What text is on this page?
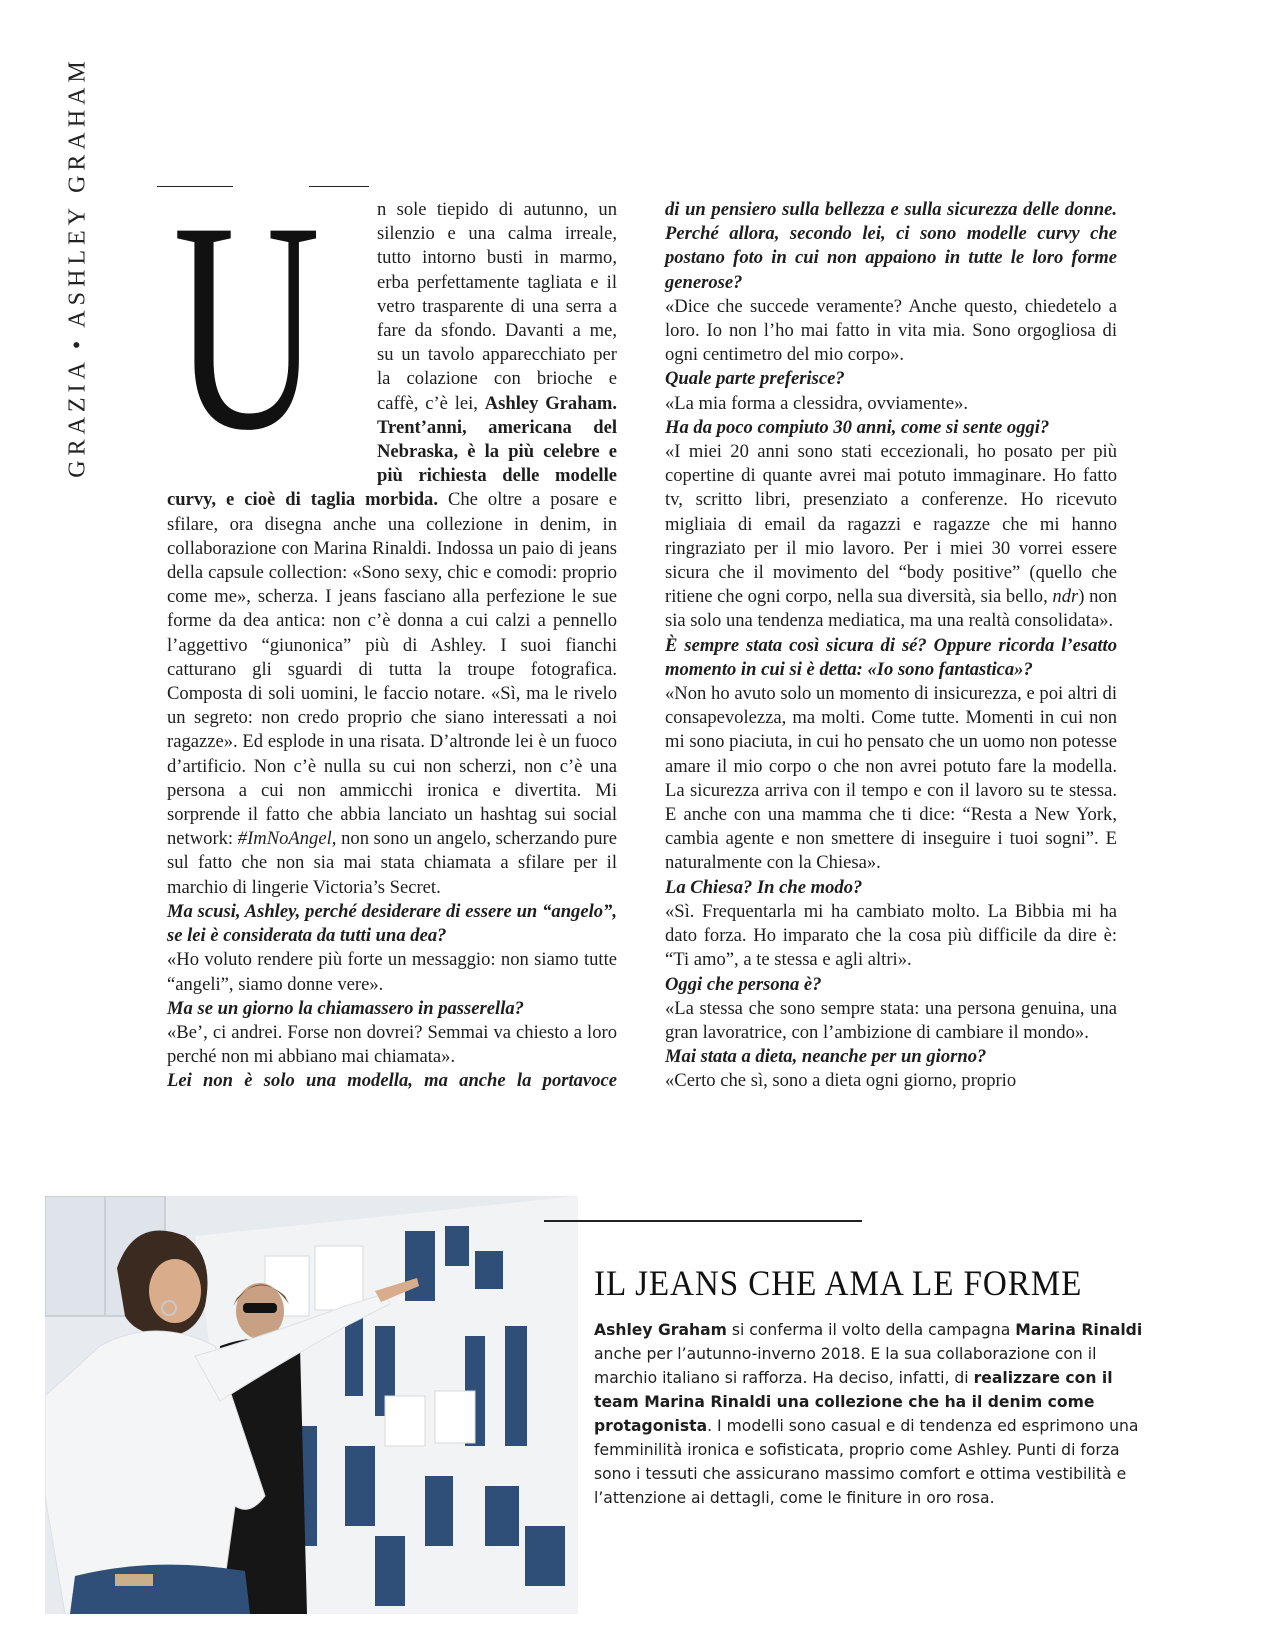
GRAZIA•ASHLEY GRAHAM U	n sole tiepido di autunno, un silenzio e una calma irreale, tutto intorno busti in marmo, erba perfettamente tagliata e il vetro trasparente di una serra a fare da sfondo. Davanti a me, su un tavolo apparecchiato per la colazione con brioche e caffè, c’è lei, Ashley Graham. Trent’anni, americana del Nebraska, è la più celebre e più richiesta delle modelle curvy, e cioè di taglia morbida. Che oltre a posare e sfilare, ora disegna anche una collezione in denim, in collaborazione con Marina Rinaldi. Indossa un paio di jeans della capsule collection: «Sono sexy, chic e comodi: proprio come me», scherza. I jeans fasciano alla perfezione le sue forme da dea antica: non c’è donna a cui calzi a pennello l’aggettivo “giunonica” più di Ashley. I suoi fianchi catturano gli sguardi di tutta la troupe fotografica. Composta di soli uomini, le faccio notare. «Sì, ma le rivelo un segreto: non credo proprio che siano interessati a noi ragazze». Ed esplode in una risata. D’altronde lei è un fuoco d’artificio. Non c’è nulla su cui non scherzi, non c’è una persona a cui non ammicchi ironica e divertita. Mi sorprende il fatto che abbia lanciato un hashtag sui social network: #ImNoAngel, non sono un angelo, scherzando pure sul fatto che non sia mai stata chiamata a sfilare per il marchio di lingerie Victoria’s Secret.

Ma scusi, Ashley, perché desiderare di essere un “angelo”, se lei è considerata da tutti una dea?

«Ho voluto rendere più forte un messaggio: non siamo tutte “angeli”, siamo donne vere».

Ma se un giorno la chiamassero in passerella?

«Be’, ci andrei. Forse non dovrei? Semmai va chiesto a loro perché non mi abbiano mai chiamata».

Lei non è solo una modella, ma anche la portavoce

di un pensiero sulla bellezza e sulla sicurezza delle donne. Perché allora, secondo lei, ci sono modelle curvy che postano foto in cui non appaiono in tutte le loro forme generose?

«Dice che succede veramente? Anche questo, chiedetelo a loro. Io non l’ho mai fatto in vita mia. Sono orgogliosa di ogni centimetro del mio corpo».

Quale parte preferisce?

«La mia forma a clessidra, ovviamente».

Ha da poco compiuto 30 anni, come si sente oggi?

«I miei 20 anni sono stati eccezionali, ho posato per più copertine di quante avrei mai potuto immaginare. Ho fatto tv, scritto libri, presenziato a conferenze. Ho ricevuto migliaia di email da ragazzi e ragazze che mi hanno ringraziato per il mio lavoro. Per i miei 30 vorrei essere sicura che il movimento del “body positive” (quello che ritiene che ogni corpo, nella sua diversità, sia bello, ndr) non sia solo una tendenza mediatica, ma una realtà consolidata».

È sempre stata così sicura di sé? Oppure ricorda l’esatto momento in cui si è detta: «Io sono fantastica»?

«Non ho avuto solo un momento di insicurezza, e poi altri di consapevolezza, ma molti. Come tutte. Momenti in cui non mi sono piaciuta, in cui ho pensato che un uomo non potesse amare il mio corpo o che non avrei potuto fare la modella. La sicurezza arriva con il tempo e con il lavoro su te stessa. E anche con una mamma che ti dice: “Resta a New York, cambia agente e non smettere di inseguire i tuoi sogni”. E naturalmente con la Chiesa».

La Chiesa? In che modo?

«Sì. Frequentarla mi ha cambiato molto. La Bibbia mi ha dato forza. Ho imparato che la cosa più difficile da dire è: “Ti amo”, a te stessa e agli altri».

Oggi che persona è?

«La stessa che sono sempre stata: una persona genuina, una gran lavoratrice, con l’ambizione di cambiare il mondo».

Mai stata a dieta, neanche per un giorno?

«Certo che sì, sono a dieta ogni giorno, proprio

IL JEANS CHE AMA LE FORME
Ashley Graham si conferma il volto della campagna Marina Rinaldi anche per l’autunno-inverno 2018. E la sua collaborazione con il marchio italiano si rafforza. Ha deciso, infatti, di realizzare con il team Marina Rinaldi una collezione che ha il denim come protagonista. I modelli sono casual e di tendenza ed esprimono una femminilità ironica e sofisticata, proprio come Ashley. Punti di forza sono i tessuti che assicurano massimo comfort e ottima vestibilità e l’attenzione ai dettagli, come le finiture in oro rosa.
